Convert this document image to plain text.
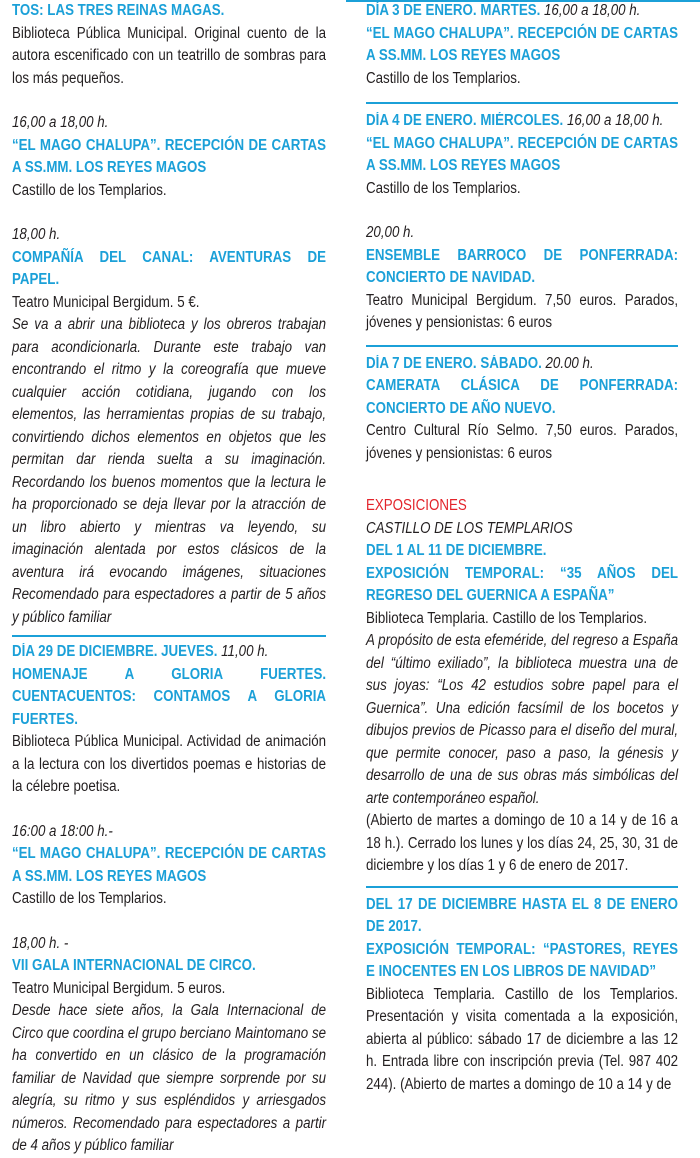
TOS: LAS TRES REINAS MAGAS.

Biblioteca Pública Municipal. Original cuento de la autora escenificado con un teatrillo de sombras para los más pequeños.

16,00 a 18,00 h.

“EL MAGO CHALUPA”. RECEPCIÓN DE CARTAS A SS.MM. LOS REYES MAGOS

Castillo de los Templarios.

18,00 h.

COMPAÑÍA DEL CANAL: AVENTURAS DE PAPEL.

Teatro Municipal Bergidum. 5 €.

Se va a abrir una biblioteca y los obreros trabajan para acondicionarla. Durante este trabajo van encontrando el ritmo y la coreografía que mueve cualquier acción cotidiana, jugando con los elementos, las herramientas propias de su trabajo, convirtiendo dichos elementos en objetos que les permitan dar rienda suelta a su imaginación. Recordando los buenos momentos que la lectura le ha proporcionado se deja llevar por la atracción de un libro abierto y mientras va leyendo, su imaginación alentada por estos clásicos de la aventura irá evocando imágenes, situaciones Recomendado para espectadores a partir de 5 años y público familiar

DÍA 29 DE DICIEMBRE. JUEVES. 11,00 h.

HOMENAJE A GLORIA FUERTES. CUENTACUENTOS: CONTAMOS A GLORIA FUERTES.

Biblioteca Pública Municipal. Actividad de animación a la lectura con los divertidos poemas e historias de la célebre poetisa.

16:00 a 18:00 h.-

“EL MAGO CHALUPA”. RECEPCIÓN DE CARTAS A SS.MM. LOS REYES MAGOS

Castillo de los Templarios.

18,00 h. -

VII GALA INTERNACIONAL DE CIRCO.

Teatro Municipal Bergidum. 5 euros.

Desde hace siete años, la Gala Internacional de Circo que coordina el grupo berciano Maintomano se ha convertido en un clásico de la programación familiar de Navidad que siempre sorprende por su alegría, su ritmo y sus espléndidos y arriesgados números. Recomendado para espectadores a partir de 4 años y público familiar

DÍA 3 DE ENERO. MARTES. 16,00 a 18,00 h.

“EL MAGO CHALUPA”. RECEPCIÓN DE CARTAS A SS.MM. LOS REYES MAGOS

Castillo de los Templarios.

DÍA 4 DE ENERO. MIÉRCOLES. 16,00 a 18,00 h.

“EL MAGO CHALUPA”. RECEPCIÓN DE CARTAS A SS.MM. LOS REYES MAGOS

Castillo de los Templarios.

20,00 h.

ENSEMBLE BARROCO DE PONFERRADA: CONCIERTO DE NAVIDAD.

Teatro Municipal Bergidum. 7,50 euros. Parados, jóvenes y pensionistas: 6 euros

DÍA 7 DE ENERO. SÁBADO. 20.00 h.

CAMERATA CLÁSICA DE PONFERRADA: CONCIERTO DE AÑO NUEVO.

Centro Cultural Río Selmo. 7,50 euros. Parados, jóvenes y pensionistas: 6 euros

EXPOSICIONES

CASTILLO DE LOS TEMPLARIOS

DEL 1 AL 11 DE DICIEMBRE.

EXPOSICIÓN TEMPORAL: “35 AÑOS DEL REGRESO DEL GUERNICA A ESPAÑA”

Biblioteca Templaria. Castillo de los Templarios.

A propósito de esta efeméride, del regreso a España del “último exiliado”, la biblioteca muestra una de sus joyas: “Los 42 estudios sobre papel para el Guernica”. Una edición facsímil de los bocetos y dibujos previos de Picasso para el diseño del mural, que permite conocer, paso a paso, la génesis y desarrollo de una de sus obras más simbólicas del arte contemporáneo español.

(Abierto de martes a domingo de 10 a 14 y de 16 a 18 h.). Cerrado los lunes y los días 24, 25, 30, 31 de diciembre y los días 1 y 6 de enero de 2017.

DEL 17 DE DICIEMBRE HASTA EL 8 DE ENERO DE 2017.

EXPOSICIÓN TEMPORAL: “PASTORES, REYES E INOCENTES EN LOS LIBROS DE NAVIDAD”

Biblioteca Templaria. Castillo de los Templarios. Presentación y visita comentada a la exposición, abierta al público: sábado 17 de diciembre a las 12 h. Entrada libre con inscripción previa (Tel. 987 402 244). (Abierto de martes a domingo de 10 a 14 y de
